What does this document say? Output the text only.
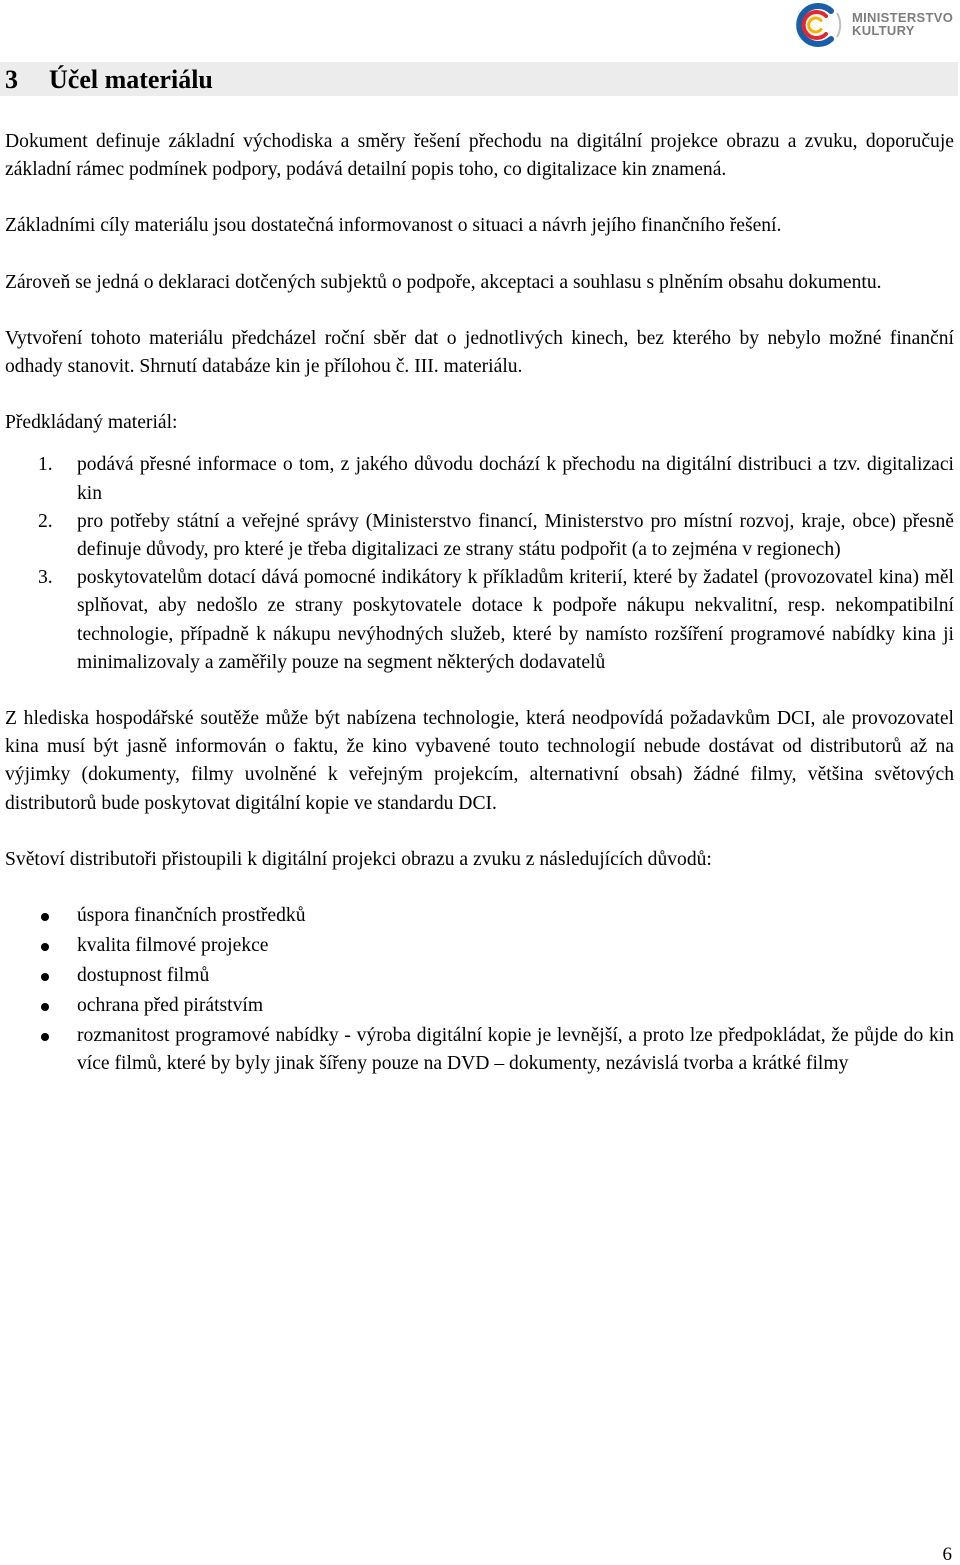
MINISTERSTVO
KULTURY
3 Účel materiálu

Dokument definuje základní východiska a směry řešení přechodu na digitální projekce obrazu a zvuku, doporučuje základní rámec podmínek podpory, podává detailní popis toho, co digitalizace kin znamená.

Základními cíly materiálu jsou dostatečná informovanost o situaci a návrh jejího finančního řešení.

Zároveň se jedná o deklaraci dotčených subjektů o podpoře, akceptaci a souhlasu s plněním obsahu dokumentu.

Vytvoření tohoto materiálu předcházel roční sběr dat o jednotlivých kinech, bez kterého by nebylo možné finanční odhady stanovit. Shrnutí databáze kin je přílohou č. III. materiálu.

Předkládaný materiál:

1. podává přesné informace o tom, z jakého důvodu dochází k přechodu na digitální distribuci a tzv. digitalizaci kin
2. pro potřeby státní a veřejné správy (Ministerstvo financí, Ministerstvo pro místní rozvoj, kraje, obce) přesně definuje důvody, pro které je třeba digitalizaci ze strany státu podpořit (a to zejména v regionech)
3. poskytovatelům dotací dává pomocné indikátory k příkladům kriterií, které by žadatel (provozovatel kina) měl splňovat, aby nedošlo ze strany poskytovatele dotace k podpoře nákupu nekvalitní, resp. nekompatibilní technologie, případně k nákupu nevýhodných služeb, které by namísto rozšíření programové nabídky kina ji minimalizovaly a zaměřily pouze na segment některých dodavatelů

Z hlediska hospodářské soutěže může být nabízena technologie, která neodpovídá požadavkům DCI, ale provozovatel kina musí být jasně informován o faktu, že kino vybavené touto technologií nebude dostávat od distributorů až na výjimky (dokumenty, filmy uvolněné k veřejným projekcím, alternativní obsah) žádné filmy, většina světových distributorů bude poskytovat digitální kopie ve standardu DCI.

Světoví distributoři přistoupili k digitální projekci obrazu a zvuku z následujících důvodů:

úspora finančních prostředků
kvalita filmové projekce
dostupnost filmů
ochrana před pirátstvím
rozmanitost programové nabídky - výroba digitální kopie je levnější, a proto lze předpokládat, že půjde do kin více filmů, které by byly jinak šířeny pouze na DVD – dokumenty, nezávislá tvorba a krátké filmy
6
